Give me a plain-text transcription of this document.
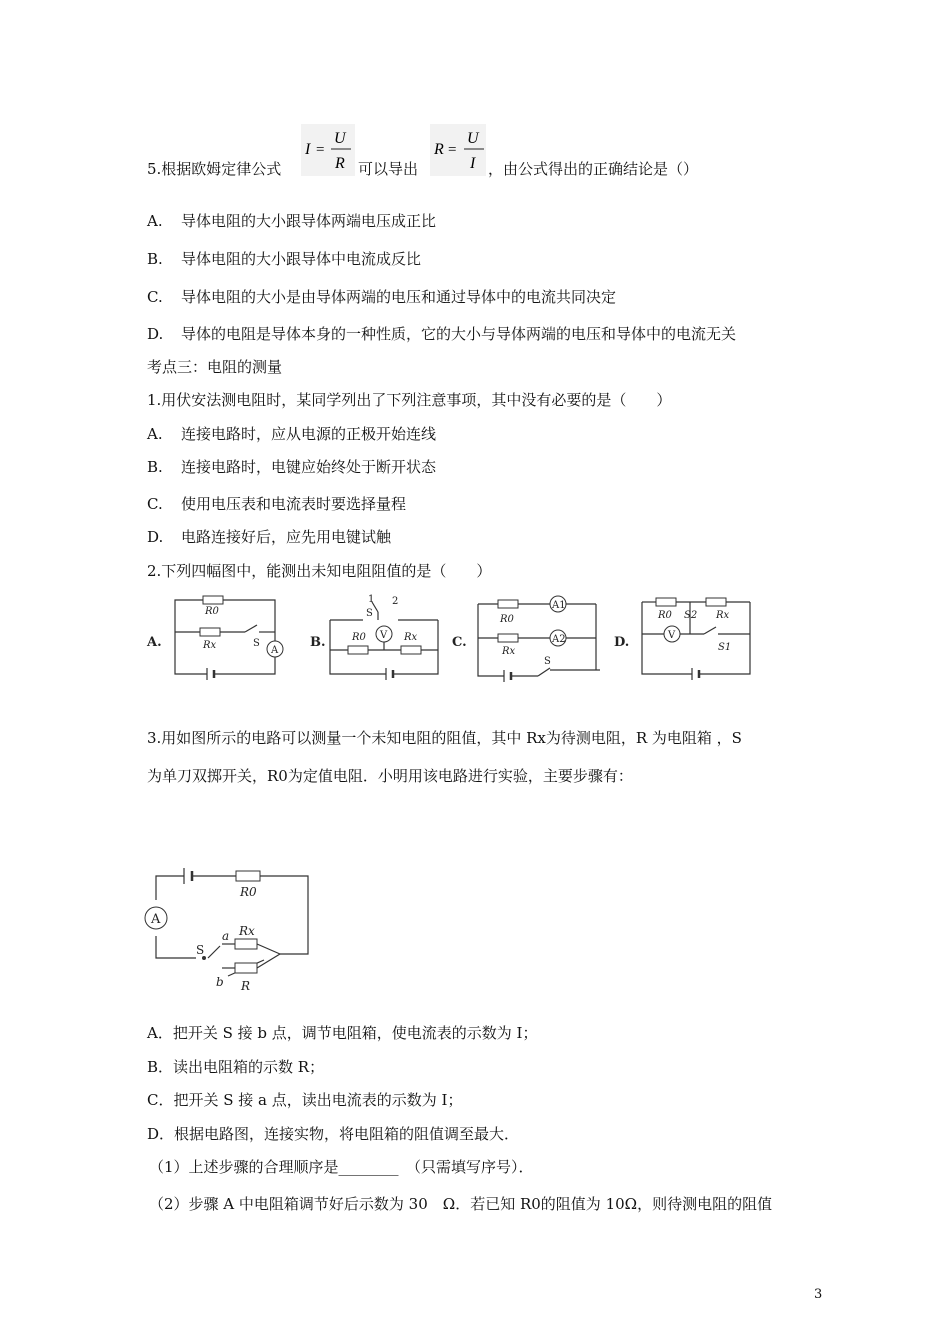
5.根据欧姆定律公式
I =
U
R 可以导出
R =
U
I ，由公式得出的正确结论是（）
A. 导体电阻的大小跟导体两端电压成正比
B. 导体电阻的大小跟导体中电流成反比
C. 导体电阻的大小是由导体两端的电压和通过导体中的电流共同决定
D. 导体的电阻是导体本身的一种性质，它的大小与导体两端的电压和导体中的电流无关
考点三：电阻的测量
1.用伏安法测电阻时，某同学列出了下列注意事项，其中没有必要的是（　　）
A. 连接电路时，应从电源的正极开始连线
B. 连接电路时，电键应始终处于断开状态
C. 使用电压表和电流表时要选择量程
D. 电路连接好后，应先用电键试触
2.下列四幅图中，能测出未知电阻阻值的是（　　）
A.
A
R0
Rx	S	B.	V
1 2
S
R0	Rx	C.
A1
A2
R0
Rx
S
D.	V
R0 S2 Rx
S1
3.用如图所示的电路可以测量一个未知电阻的阻值，其中 Rx为待测电阻，R 为电阻箱 ，S
为单刀双掷开关，R0为定值电阻．小明用该电路进行实验，主要步骤有：
A
R0
Rx
R
S
a
b
A．把开关 S 接 b 点，调节电阻箱，使电流表的示数为 I；
B．读出电阻箱的示数 R；
C．把开关 S 接 a 点，读出电流表的示数为 I；
D．根据电路图，连接实物，将电阻箱的阻值调至最大．
（1）上述步骤的合理顺序是________　（只需填写序号）．
（2）步骤 A 中电阻箱调节好后示数为 30　Ω．若已知 R0的阻值为 10Ω，则待测电阻的阻值
3
